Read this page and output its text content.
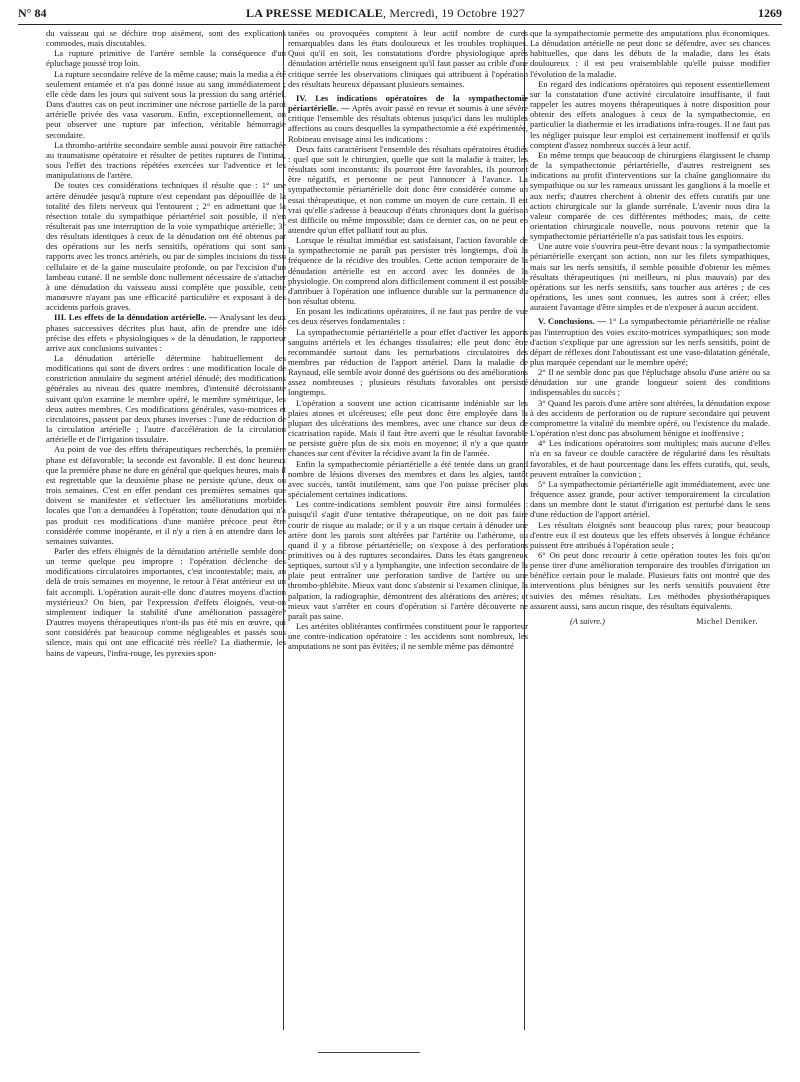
N° 84	LA PRESSE MEDICALE, Mercredi, 19 Octobre 1927	1269

du vaisseau qui se déchire trop aisément, sont des explications commodes, mais discutables.

La rupture primitive de l'artère semble la conséquence d'un éplucbage poussé trop loin.

La rupture secondaire relève de la même cause; mais la media a été seulement entamée et n'a pas donné issue au sang immédiatement ; elle cède dans les jours qui suivent sous la pression du sang artériel. Dans d'autres cas on peut incriminer une nécrose partielle de la paroi artérielle privée des vasa vasorum. Enfin, exceptionnellement, on peut observer une rupture par infection, véritable hémorragie secondaire.

La thrombo-artérite secondaire semble aussi pouvoir être rattachée au traumatisme opératoire et résulter de petites ruptures de l'intima, sous l'effet des tractions répétées exercées sur l'adventice et les manipulations de l'artère.

De toutes ces considérations techniques il résulte que : 1° une artère dénudée jusqu'à rupture n'est cependant pas dépouillée de la totalité des filets nerveux qui l'entourent ; 2° en admettant que la résection totale du sympathique périartériel soit possible, il n'en résulterait pas une interruption de la voie sympathique artérielle; 3° des résultats identiques à ceux de la dénudation ont été obtenus par des opérations sur les nerfs sensitifs, opérations qui sont sans rapports avec les troncs artériels, ou par de simples incisions du tissu cellulaire et de la gaine musculaire profonde, ou par l'excision d'un lambeau cutané. Il ne semble donc nullement nécessaire de s'attacher à une dénudation du vaisseau aussi complète que possible, cette manœuvre n'ayant pas une efficacité particulière et exposant à des accidents parfois graves.

III. Les effets de la dénudation artérielle. — Analysant les deux phases successives décrites plus haut, afin de prendre une idée précise des effets « physiologiques » de la dénudation, le rapporteur arrive aux conclusions suivantes :

La dénudation artérielle détermine habituellement des modifications qui sont de divers ordres : une modification locale de constriction annulaire du segment artériel dénudé; des modifications générales au niveau des quatre membres, d'intensité décroissante suivant qu'on examine le membre opéré, le membre symétrique, les deux autres membres. Ces modifications générales, vaso-motrices et circulatoires, passent par deux phases inverses : l'une de réduction de la circulation artérielle ; l'autre d'accélération de la circulation artérielle et de l'irrigation tissulaire.

Au point de vue des effets thérapeutiques recherchés, la première phase est défavorable; la seconde est favorable. Il est donc heureux que la première phase ne dure en général que quelques heures, mais il est regrettable que la deuxième phase ne persiste qu'une, deux ou trois semaines. C'est en effet pendant ces premières semaines que doivent se manifester et s'effectuer les améliorations morbides locales que l'on a demandées à l'opération; toute dénudation qui n'a pas produit ces modifications d'une manière précoce peut être considérée comme inopérante, et il n'y a rien à en attendre dans les semaines suivantes.

Parler des effets éloignés de la dénudation artérielle semble donc un terme quelque peu impropre : l'opération déclenche des modifications circulatoires importantes, c'est incontestable; mais, au delà de trois semaines en moyenne, le retour à l'état antérieur est un fait accompli. L'opération aurait-elle donc d'autres moyens d'action mystérieux? On bien, par l'expression d'effets éloignés, veut-on simplement indiquer la stabilité d'une amélioration passagère? D'autres moyens thérapeutiques n'ont-ils pas été mis en œuvre, qui sont considérés par beaucoup comme négligeables et passés sous silence, mais qui ont une efficacité très réelle? La diathermie, les bains de vapeurs, l'infra-rouge, les pyrexies spon-

tanées ou provoquées comptent à leur actif nombre de cures remarquables dans les états douloureux et les troubles trophiques. Quoi qu'il en soit, les constatations d'ordre physiologique après dénudation artérielle nous enseignent qu'il faut passer au crible d'une critique serrée les observations cliniques qui attribuent à l'opération des résultats heureux dépassant plusieurs semaines.

IV. Les indications opératoires de la sympathectomie périartérielle. — Après avoir passé en revue et soumis à une sévère critique l'ensemble des résultats obtenus jusqu'ici dans les multiples affections au cours desquelles la sympathectomie a été expérimentée, Robineau envisage ainsi les indications :

Deux faits caractérisent l'ensemble des résultats opératoires étudiés : quel que soit le chirurgien, quelle que soit la maladie à traiter, les résultats sont inconstants: ils pourront être favorables, ils pourront être négatifs, et personne ne peut l'annoncer à l'avance. La sympathectomie périartérielle doit donc être considérée comme un essai thérapeutique, et non comme un moyen de cure certain. Il est vrai qu'elle s'adresse à beaucoup d'états chroniques dont la guérison est difficile ou même impossible; dans ce dernier cas, on ne peut en attendre qu'un effet palliatif tout au plus.

Lorsque le résultat immédiat est satisfaisant, l'action favorable de la sympathectomie ne paraît pas persister très longtemps, d'où la fréquence de la récidive des troubles. Cette action temporaire de la dénudation artérielle est en accord avec les données de la physiologie. On comprend alors difficilement comment il est possible d'attribuer à l'opération une influence durable sur la permanence du bon résultat obtenu.

En posant les indications opératoires, il ne faut pas perdre de vue ces deux réserves fondamentales :

La sympathectomie périartérielle a pour effet d'activer les apports sanguins artériels et les échanges tissulaires; elle peut donc être recommandée surtout dans les perturbations circulatoires des membres par réduction de l'apport artériel. Dans la maladie de Raynaud, elle semble avoir donné des guérisons ou des améliorations assez nombreuses ; plusieurs résultats favorables ont persisté longtemps.

L'opération a souvent une action cicatrisante indéniable sur les plaies atones et ulcéreuses; elle peut donc être employée dans la plupart des ulcérations des membres, avec une chance sur deux de cicatrisation rapide. Mais il faut être averti que le résultat favorable ne persiste guère plus de six mois en moyenne; il n'y a que quatre chances sur cent d'éviter la récidive avant la fin de l'année.

Enfin la sympathectomie périartérielle a été tentée dans un grand nombre de lésions diverses des membres et dans les algies, tantôt avec succès, tantôt inutilement, sans que l'on puisse préciser plus spécialement certaines indications.

Les contre-indications semblent pouvoir être ainsi formulées : puisqu'il s'agit d'une tentative thérapeutique, on ne doit pas faire courir de risque au malade; or il y a un risque certain à dénuder une artère dont les parois sont altérées par l'artérite ou l'athérome, ou quand il y a fibrose périartérielle; on s'expose à des perforations primitives ou à des ruptures secondaires. Dans les états gangreneux septiques, surtout s'il y a lymphangite, une infection secondaire de la plaie peut entraîner une perforation tardive de l'artère ou une thrombo-phlébite. Mieux vaut donc s'abstenir si l'examen clinique, la palpation, la radiographie, démontrent des altérations des artères; et mieux vaut s'arrêter en cours d'opération si l'artère découverte ne paraît pas saine.

Les artérites oblitérantes confirmées constituent pour le rapporteur une contre-indication opératoire : les accidents sont nombreux, les amputations ne sont pas évitées; il ne semble même pas démontré

que la sympathectomie permette des amputations plus économiques. La dénudation artérielle ne peut donc se défendre, avec ses chances habituelles, que dans les débuts de la maladie, dans les états douloureux : il est peu vraisemblable qu'elle puisse modifier l'évolution de la maladie.

En regard des indications opératoires qui reposent essentiellement sur la constatation d'une activité circulatoire insuffisante, il faut rappeler les autres moyens thérapeutiques à notre disposition pour obtenir des effets analogues à ceux de la sympathectomie, en particulier la diathermie et les irradiations infra-rouges. Il ne faut pas les négliger puisque leur emploi est certainement inoffensif et qu'ils comptent d'assez nombreux succès à leur actif.

En même temps que beaucoup de chirurgiens élargissent le champ de la sympathectomie périartérielle, d'autres restreignent ses indications au profit d'interventions sur la chaîne ganglionnaire du sympathique ou sur les rameaux unissant les ganglions à la moelle et aux nerfs; d'autres cherchent à obtenir des effets curatifs par une action chirurgicale sur la glande surrénale. L'avenir nous dira la valeur comparée de ces différentes méthodes; mais, de cette orientation chirurgicale nouvelle, nous pouvons retenir que la sympathectomie périartérielle n'a pas satisfait tous les espoirs.

Une autre voie s'ouvrira peut-être devant nous : la sympathectomie périartérielle exerçant son action, non sur les filets sympathiques, mais sur les nerfs sensitifs, il semble possible d'obtenir les mêmes résultats thérapeutiques (ni meilleurs, ni plus mauvais) par des opérations sur les nerfs sensitifs, sans toucher aux artères ; de ces opérations, les unes sont connues, les autres sont à créer; elles auraient l'avantage d'être simples et de n'exposer à aucun accident.

V. Conclusions. — 1° La sympathectomie périartérielle ne réalise pas l'interruption des voies excito-motrices sympathiques; son mode d'action s'explique par une agression sur les nerfs sensitifs, point de départ de réflexes dont l'aboutissant est une vaso-dilatation générale, plus marquée cependant sur le membre opéré;

2° Il ne semble donc pas que l'épluchage absolu d'une artère ou sa dénudation sur une grande longueur soient des conditions indispensables du succès ;

3° Quand les parois d'une artère sont altérées, la dénudation expose à des accidents de perforation ou de rupture secondaire qui peuvent compromettre la vitalité du membre opéré, ou l'existence du malade. L'opération n'est donc pas absolument bénigne et inoffensive ;

4° Les indications opératoires sont multiples; mais aucune d'elles n'a en sa faveur ce double caractère de régularité dans les résultats favorables, et de haut pourcentage dans les effets curatifs, qui, seuls, peuvent entraîner la conviction ;

5° La sympathectomie périartérielle agit immédiatement, avec une fréquence assez grande, pour activer temporairement la circulation dans un membre dont le statut d'irrigation est perturbé dans le sens d'une réduction de l'apport artériel.

Les résultats éloignés sont beaucoup plus rares; pour beaucoup d'entre eux il est douteux que les effets observés à longue échéance puissent être attribués à l'opération seule ;

6° On peut donc recourir à cette opération toutes les fois qu'on pense tirer d'une amélioration temporaire des troubles d'irrigation un bénéfice certain pour le malade. Plusieurs faits ont montré que des interventions plus bénignes sur les nerfs sensitifs pouvaient être suivies des mêmes résultats. Les méthodes physiothérapiques assurent aussi, sans aucun risque, des résultats équivalents.

(A suivre.)	Michel Deniker.
